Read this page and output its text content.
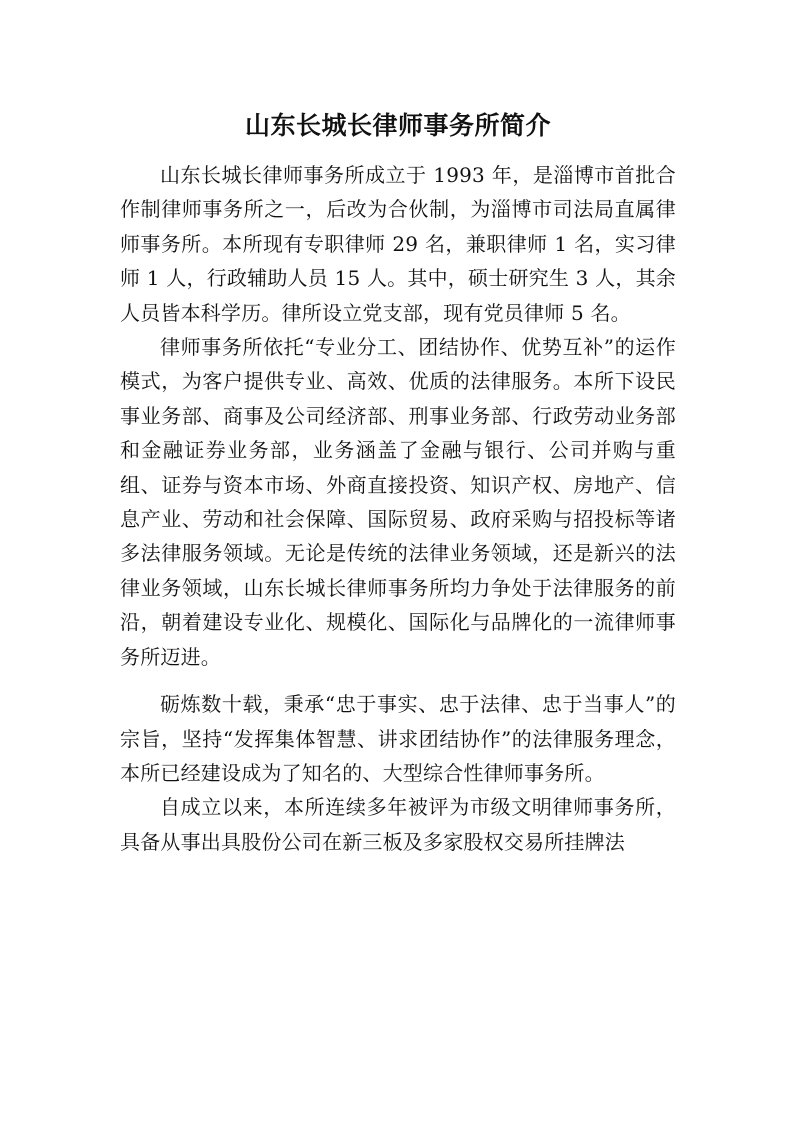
山东长城长律师事务所简介

山东长城长律师事务所成立于 1993 年，是淄博市首批合作制律师事务所之一，后改为合伙制，为淄博市司法局直属律师事务所。本所现有专职律师 29 名，兼职律师 1 名，实习律师 1 人，行政辅助人员 15 人。其中，硕士研究生 3 人，其余人员皆本科学历。律所设立党支部，现有党员律师 5 名。

律师事务所依托“专业分工、团结协作、优势互补”的运作模式，为客户提供专业、高效、优质的法律服务。本所下设民事业务部、商事及公司经济部、刑事业务部、行政劳动业务部和金融证券业务部，业务涵盖了金融与银行、公司并购与重组、证券与资本市场、外商直接投资、知识产权、房地产、信息产业、劳动和社会保障、国际贸易、政府采购与招投标等诸多法律服务领域。无论是传统的法律业务领域，还是新兴的法律业务领域，山东长城长律师事务所均力争处于法律服务的前沿，朝着建设专业化、规模化、国际化与品牌化的一流律师事务所迈进。

砺炼数十载，秉承“忠于事实、忠于法律、忠于当事人”的宗旨，坚持“发挥集体智慧、讲求团结协作”的法律服务理念，本所已经建设成为了知名的、大型综合性律师事务所。

自成立以来，本所连续多年被评为市级文明律师事务所，具备从事出具股份公司在新三板及多家股权交易所挂牌法
